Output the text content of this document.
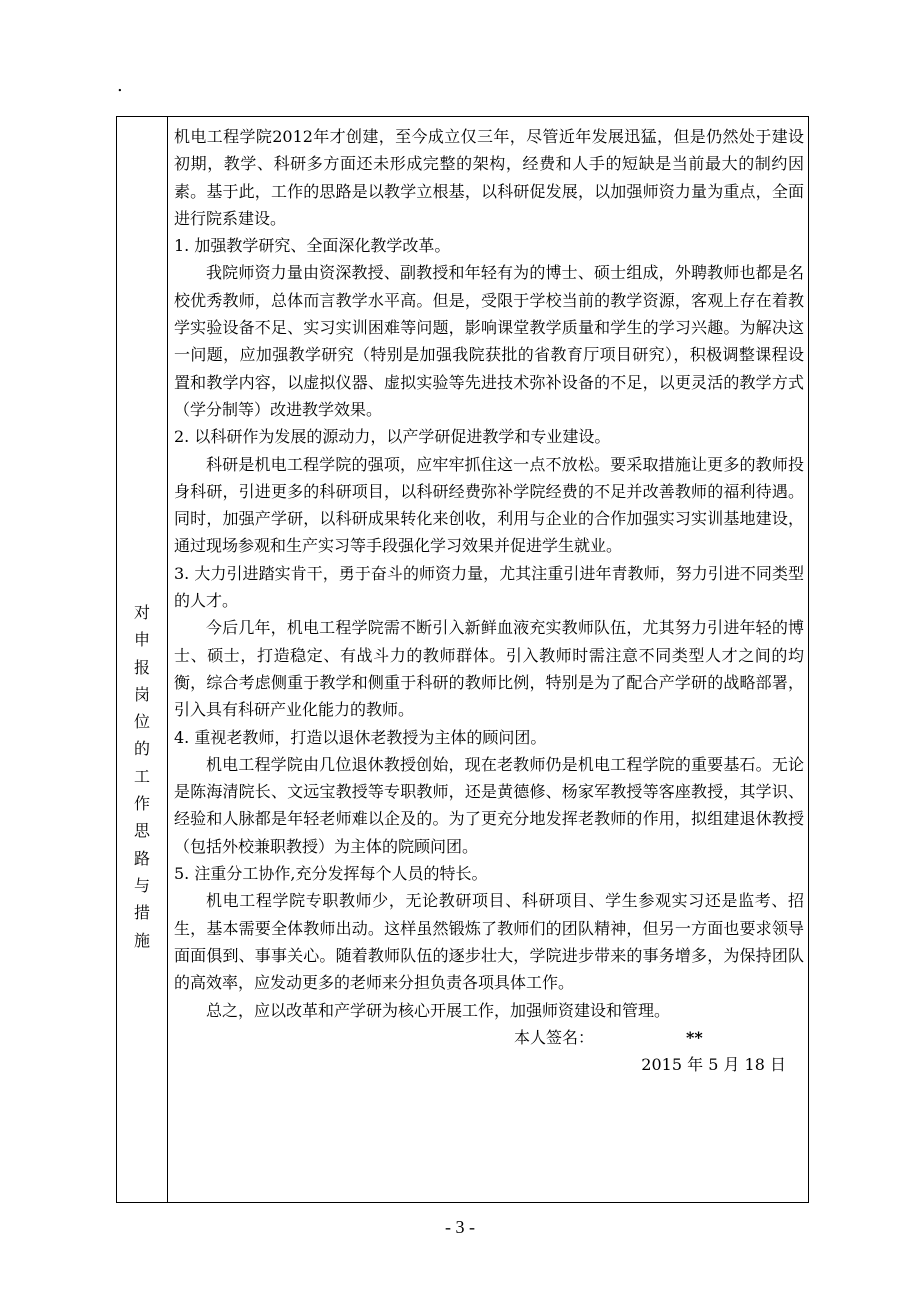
.
对
申
报
岗
位
的
工
作
思
路
与
措
施

机电工程学院2012年才创建，至今成立仅三年，尽管近年发展迅猛，但是仍然处于建设初期，教学、科研多方面还未形成完整的架构，经费和人手的短缺是当前最大的制约因素。基于此，工作的思路是以教学立根基，以科研促发展，以加强师资力量为重点，全面进行院系建设。

1. 加强教学研究、全面深化教学改革。

我院师资力量由资深教授、副教授和年轻有为的博士、硕士组成，外聘教师也都是名校优秀教师，总体而言教学水平高。但是，受限于学校当前的教学资源，客观上存在着教学实验设备不足、实习实训困难等问题，影响课堂教学质量和学生的学习兴趣。为解决这一问题，应加强教学研究（特别是加强我院获批的省教育厅项目研究），积极调整课程设置和教学内容，以虚拟仪器、虚拟实验等先进技术弥补设备的不足，以更灵活的教学方式（学分制等）改进教学效果。

2. 以科研作为发展的源动力，以产学研促进教学和专业建设。

科研是机电工程学院的强项，应牢牢抓住这一点不放松。要采取措施让更多的教师投身科研，引进更多的科研项目，以科研经费弥补学院经费的不足并改善教师的福利待遇。同时，加强产学研，以科研成果转化来创收，利用与企业的合作加强实习实训基地建设，通过现场参观和生产实习等手段强化学习效果并促进学生就业。

3. 大力引进踏实肯干，勇于奋斗的师资力量，尤其注重引进年青教师，努力引进不同类型的人才。

今后几年，机电工程学院需不断引入新鲜血液充实教师队伍，尤其努力引进年轻的博士、硕士，打造稳定、有战斗力的教师群体。引入教师时需注意不同类型人才之间的均衡，综合考虑侧重于教学和侧重于科研的教师比例，特别是为了配合产学研的战略部署，引入具有科研产业化能力的教师。

4. 重视老教师，打造以退休老教授为主体的顾问团。

机电工程学院由几位退休教授创始，现在老教师仍是机电工程学院的重要基石。无论是陈海清院长、文远宝教授等专职教师，还是黄德修、杨家军教授等客座教授，其学识、经验和人脉都是年轻老师难以企及的。为了更充分地发挥老教师的作用，拟组建退休教授（包括外校兼职教授）为主体的院顾问团。

5. 注重分工协作,充分发挥每个人员的特长。

机电工程学院专职教师少，无论教研项目、科研项目、学生参观实习还是监考、招生，基本需要全体教师出动。这样虽然锻炼了教师们的团队精神，但另一方面也要求领导面面俱到、事事关心。随着教师队伍的逐步壮大，学院进步带来的事务增多，为保持团队的高效率，应发动更多的老师来分担负责各项具体工作。

总之，应以改革和产学研为核心开展工作，加强师资建设和管理。

本人签名：	**

2015 年 5 月 18 日

- 3 -
